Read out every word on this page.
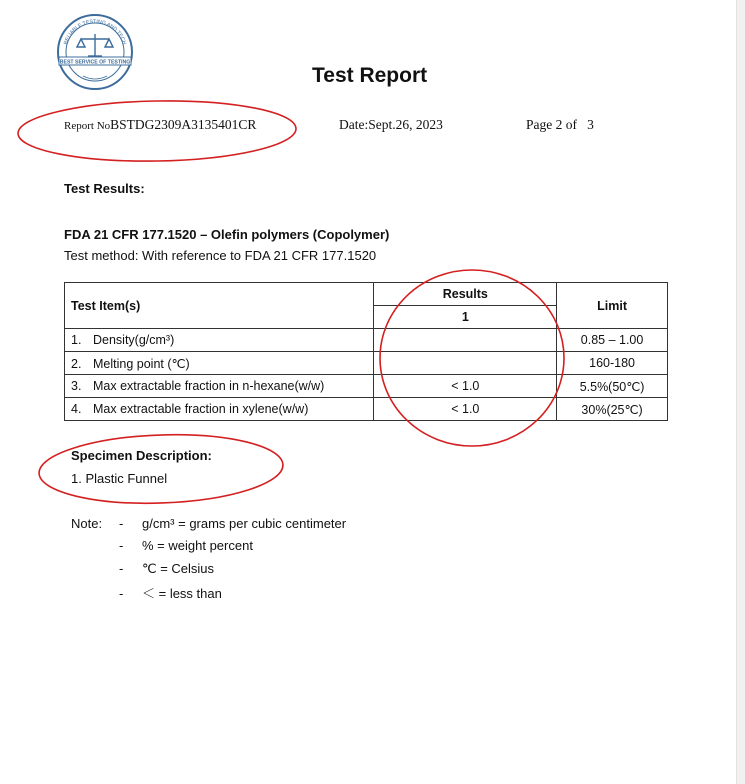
RELIABLE TESTING AND TECH
BEST SERVICE OF TESTING
Test Report
Report NoBSTDG2309A3135401CR	Date:Sept.26, 2023	Page 2 of   3
Test Results:
FDA 21 CFR 177.1520 – Olefin polymers (Copolymer)
Test method: With reference to FDA 21 CFR 177.1520
Test Item(s)	Results	Limit
	1	
1. Density(g/cm³)		0.85 – 1.00
2. Melting point (℃)		160-180
3. Max extractable fraction in n-hexane(w/w)	< 1.0	5.5%(50℃)
4. Max extractable fraction in xylene(w/w)	< 1.0	30%(25℃)
Specimen Description:
1. Plastic Funnel
Note: - g/cm³ = grams per cubic centimeter
- % = weight percent
- ℃ = Celsius
- ＜ = less than
